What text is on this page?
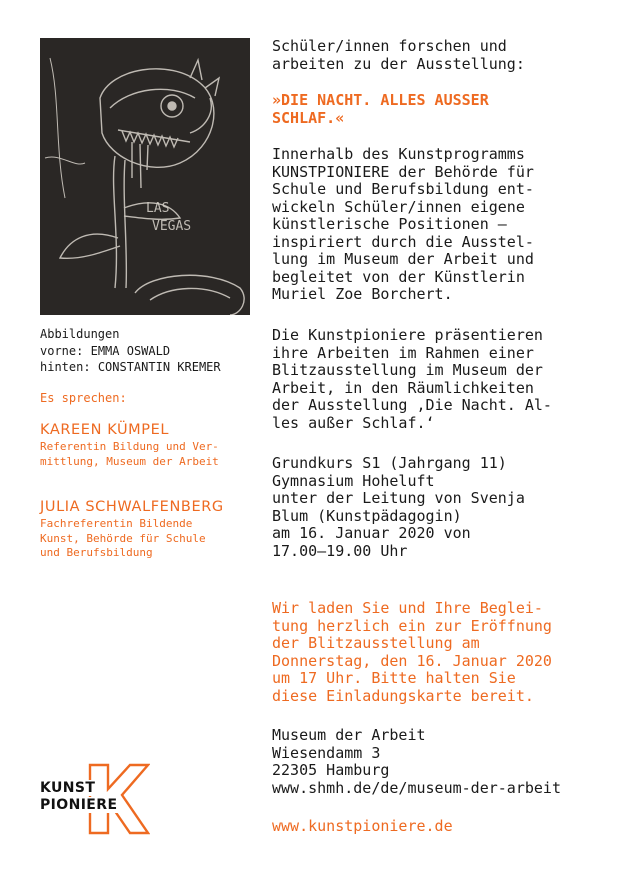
LAS
VEGAS
Abbildungen
vorne: EMMA OSWALD
hinten: CONSTANTIN KREMER
Es sprechen:
KAREEN KÜMPEL
Referentin Bildung und Ver-
mittlung, Museum der Arbeit
JULIA SCHWALFENBERG
Fachreferentin Bildende
Kunst, Behörde für Schule
und Berufsbildung
KUNST
PIONIERE
Schüler/innen forschen und
arbeiten zu der Ausstellung:
»DIE NACHT. ALLES AUSSER
SCHLAF.«
Innerhalb des Kunstprogramms
KUNSTPIONIERE der Behörde für
Schule und Berufsbildung ent-
wickeln Schüler/innen eigene
künstlerische Positionen –
inspiriert durch die Ausstel-
lung im Museum der Arbeit und
begleitet von der Künstlerin
Muriel Zoe Borchert.
Die Kunstpioniere präsentieren
ihre Arbeiten im Rahmen einer
Blitzausstellung im Museum der
Arbeit, in den Räumlichkeiten
der Ausstellung ‚Die Nacht. Al-
les außer Schlaf.‘
Grundkurs S1 (Jahrgang 11)
Gymnasium Hoheluft
unter der Leitung von Svenja
Blum (Kunstpädagogin)
am 16. Januar 2020 von
17.00–19.00 Uhr
Wir laden Sie und Ihre Beglei-
tung herzlich ein zur Eröffnung
der Blitzausstellung am
Donnerstag, den 16. Januar 2020
um 17 Uhr. Bitte halten Sie
diese Einladungskarte bereit.
Museum der Arbeit
Wiesendamm 3
22305 Hamburg
www.shmh.de/de/museum-der-arbeit
www.kunstpioniere.de
